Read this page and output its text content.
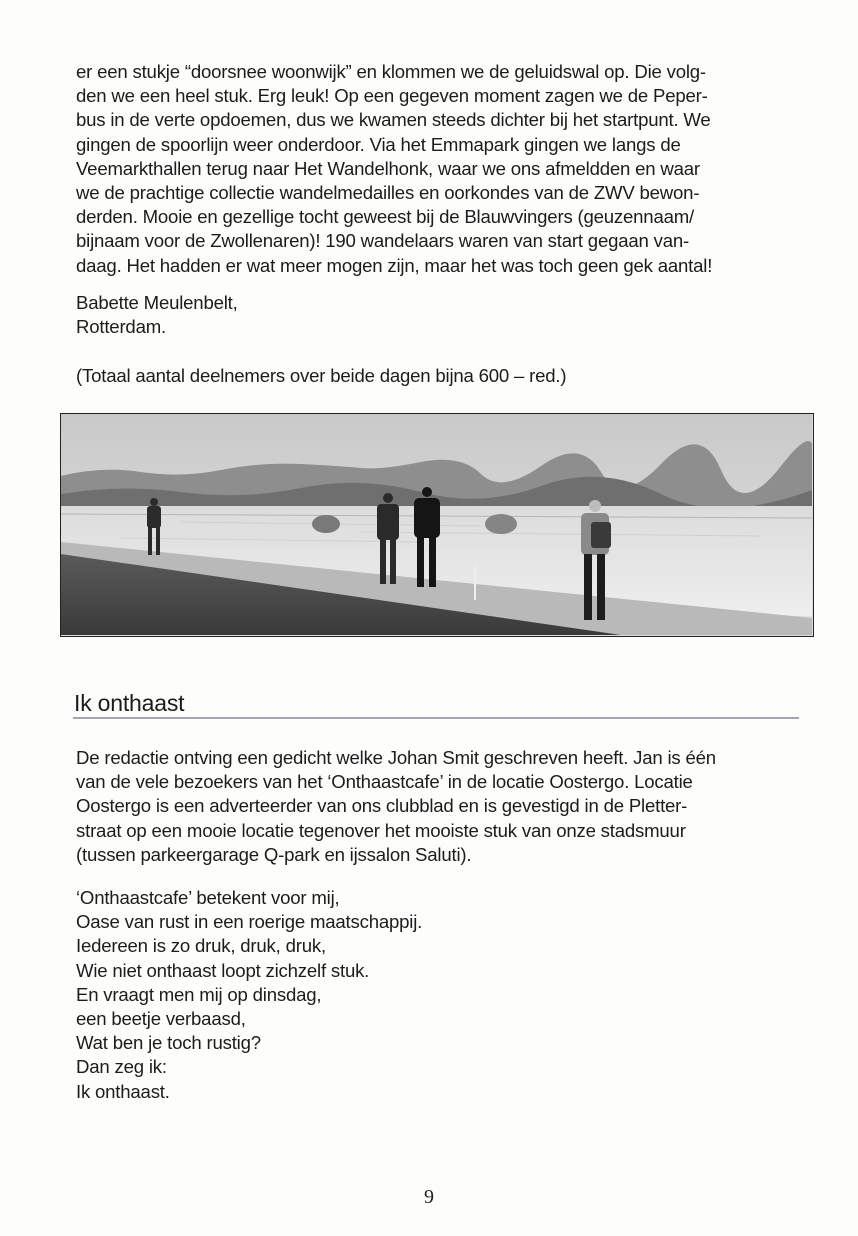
er een stukje “doorsnee woonwijk” en klommen we de geluidswal op. Die volg-
den we een heel stuk. Erg leuk! Op een gegeven moment zagen we de Peper-
bus in de verte opdoemen, dus we kwamen steeds dichter bij het startpunt. We
gingen de spoorlijn weer onderdoor. Via het Emmapark gingen we langs de
Veemarkthallen terug naar Het Wandelhonk, waar we ons afmeldden en waar
we de prachtige collectie wandelmedailles en oorkondes van de ZWV bewon-
derden. Mooie en gezellige tocht geweest bij de Blauwvingers (geuzennaam/
bijnaam voor de Zwollenaren)! 190 wandelaars waren van start gegaan van-
daag. Het hadden er wat meer mogen zijn, maar het was toch geen gek aantal!
Babette Meulenbelt,
Rotterdam.
(Totaal aantal deelnemers over beide dagen bijna 600 – red.)
Ik onthaast
De redactie ontving een gedicht welke Johan Smit geschreven heeft. Jan is één
van de vele bezoekers van het ‘Onthaastcafe’ in de locatie Oostergo. Locatie
Oostergo is een adverteerder van ons clubblad en is gevestigd in de Pletter-
straat op een mooie locatie tegenover het mooiste stuk van onze stadsmuur
(tussen parkeergarage Q-park en ijssalon Saluti).
‘Onthaastcafe’ betekent voor mij,
Oase van rust in een roerige maatschappij.
Iedereen is zo druk, druk, druk,
Wie niet onthaast loopt zichzelf stuk.
En vraagt men mij op dinsdag,
een beetje verbaasd,
Wat ben je toch rustig?
Dan zeg ik:
Ik onthaast.
9
